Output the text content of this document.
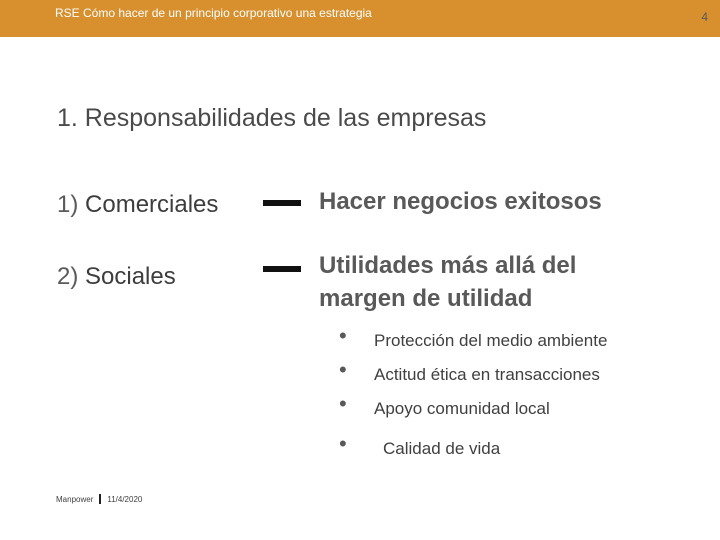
RSE Cómo hacer de un principio corporativo una estrategia	4
1. Responsabilidades de las empresas
1) Comerciales	Hacer negocios exitosos
2) Sociales	Utilidades más allá del margen de utilidad
• Protección del medio ambiente
• Actitud ética en transacciones
• Apoyo comunidad local
• Calidad de vida
Manpower 11/4/2020
